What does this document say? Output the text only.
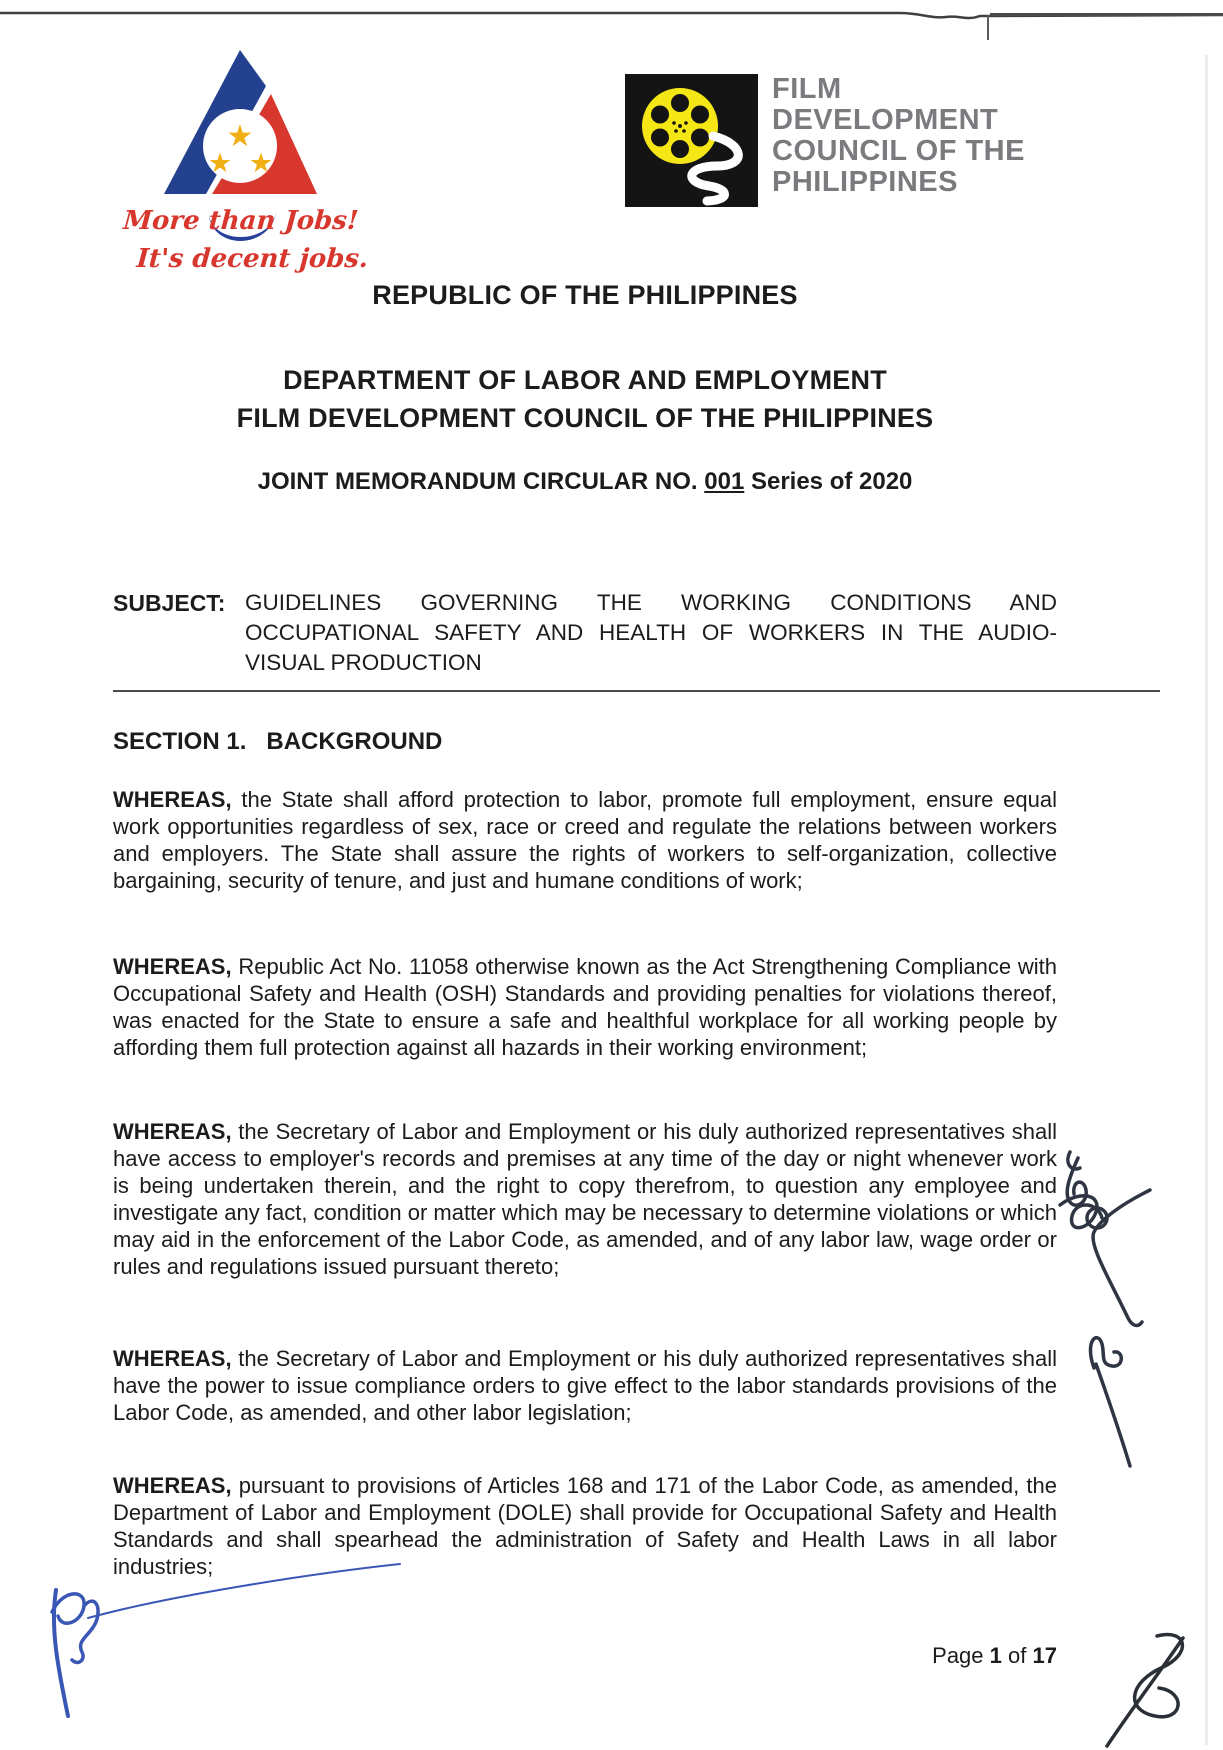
★
★ ★
More than Jobs!
It's decent jobs.
FILM
DEVELOPMENT
COUNCIL OF THE
PHILIPPINES
REPUBLIC OF THE PHILIPPINES
DEPARTMENT OF LABOR AND EMPLOYMENT
FILM DEVELOPMENT COUNCIL OF THE PHILIPPINES
JOINT MEMORANDUM CIRCULAR NO. 001 Series of 2020
SUBJECT: GUIDELINES GOVERNING THE WORKING CONDITIONS AND OCCUPATIONAL SAFETY AND HEALTH OF WORKERS IN THE AUDIO-VISUAL PRODUCTION
SECTION 1. BACKGROUND

WHEREAS, the State shall afford protection to labor, promote full employment, ensure equal work opportunities regardless of sex, race or creed and regulate the relations between workers and employers. The State shall assure the rights of workers to self-organization, collective bargaining, security of tenure, and just and humane conditions of work;

WHEREAS, Republic Act No. 11058 otherwise known as the Act Strengthening Compliance with Occupational Safety and Health (OSH) Standards and providing penalties for violations thereof, was enacted for the State to ensure a safe and healthful workplace for all working people by affording them full protection against all hazards in their working environment;

WHEREAS, the Secretary of Labor and Employment or his duly authorized representatives shall have access to employer's records and premises at any time of the day or night whenever work is being undertaken therein, and the right to copy therefrom, to question any employee and investigate any fact, condition or matter which may be necessary to determine violations or which may aid in the enforcement of the Labor Code, as amended, and of any labor law, wage order or rules and regulations issued pursuant thereto;

WHEREAS, the Secretary of Labor and Employment or his duly authorized representatives shall have the power to issue compliance orders to give effect to the labor standards provisions of the Labor Code, as amended, and other labor legislation;

WHEREAS, pursuant to provisions of Articles 168 and 171 of the Labor Code, as amended, the Department of Labor and Employment (DOLE) shall provide for Occupational Safety and Health Standards and shall spearhead the administration of Safety and Health Laws in all labor industries;

Page 1 of 17
